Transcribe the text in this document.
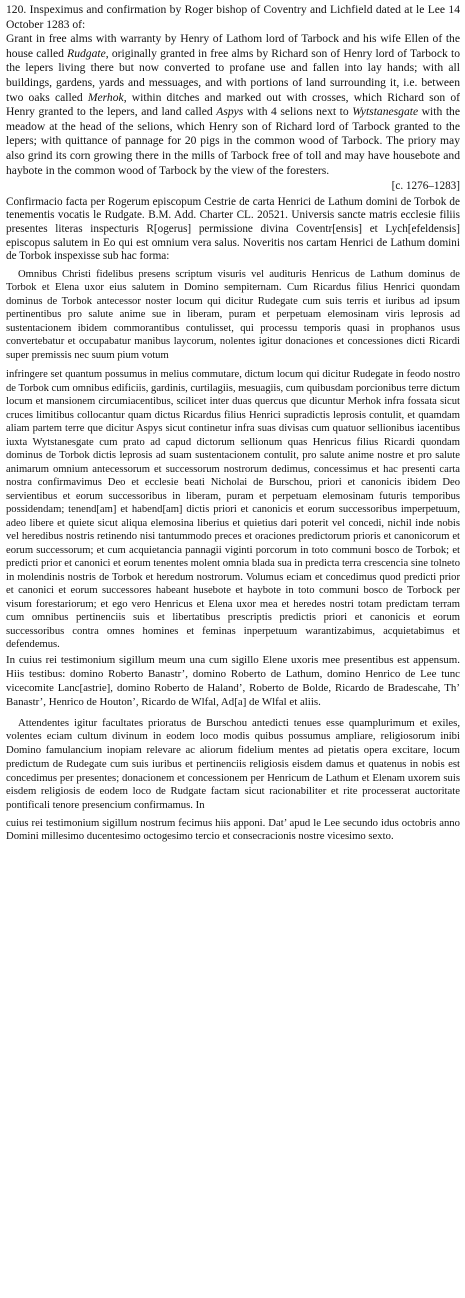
120. Inspeximus and confirmation by Roger bishop of Coventry and Lichfield dated at le Lee 14 October 1283 of:

Grant in free alms with warranty by Henry of Lathom lord of Tarbock and his wife Ellen of the house called Rudgate, originally granted in free alms by Richard son of Henry lord of Tarbock to the lepers living there but now converted to profane use and fallen into lay hands; with all buildings, gardens, yards and messuages, and with portions of land surrounding it, i.e. between two oaks called Merhok, within ditches and marked out with crosses, which Richard son of Henry granted to the lepers, and land called Aspys with 4 selions next to Wytstanesgate with the meadow at the head of the selions, which Henry son of Richard lord of Tarbock granted to the lepers; with quittance of pannage for 20 pigs in the common wood of Tarbock. The priory may also grind its corn growing there in the mills of Tarbock free of toll and may have housebote and haybote in the common wood of Tarbock by the view of the foresters.

[c. 1276–1283]

Confirmacio facta per Rogerum episcopum Cestrie de carta Henrici de Lathum domini de Torbok de tenementis vocatis le Rudgate. B.M. Add. Charter CL. 20521. Universis sancte matris ecclesie filiis presentes literas inspecturis R[ogerus] permissione divina Coventr[ensis] et Lych[efeldensis] episcopus salutem in Eo qui est omnium vera salus. Noveritis nos cartam Henrici de Lathum domini de Torbok inspexisse sub hac forma:

Omnibus Christi fidelibus presens scriptum visuris vel audituris Henricus de Lathum dominus de Torbok et Elena uxor eius salutem in Domino sempiternam. Cum Ricardus filius Henrici quondam dominus de Torbok antecessor noster locum qui dicitur Rudegate cum suis terris et iuribus ad ipsum pertinentibus pro salute anime sue in liberam, puram et perpetuam elemosinam viris leprosis ad sustentacionem ibidem commorantibus contulisset, qui processu temporis quasi in prophanos usus convertebatur et occupabatur manibus laycorum, nolentes igitur donaciones et concessiones dicti Ricardi super premissis nec suum pium votum

infringere set quantum possumus in melius commutare, dictum locum qui dicitur Rudegate in feodo nostro de Torbok cum omnibus edificiis, gardinis, curtilagiis, mesuagiis, cum quibusdam porcionibus terre dictum locum et mansionem circumiacentibus, scilicet inter duas quercus que dicuntur Merhok infra fossata sicut cruces limitibus collocantur quam dictus Ricardus filius Henrici supradictis leprosis contulit, et quamdam aliam partem terre que dicitur Aspys sicut continetur infra suas divisas cum quatuor sellionibus iacentibus iuxta Wytstanesgate cum prato ad capud dictorum sellionum quas Henricus filius Ricardi quondam dominus de Torbok dictis leprosis ad suam sustentacionem contulit, pro salute anime nostre et pro salute animarum omnium antecessorum et successorum nostrorum dedimus, concessimus et hac presenti carta nostra confirmavimus Deo et ecclesie beati Nicholai de Burschou, priori et canonicis ibidem Deo servientibus et eorum successoribus in liberam, puram et perpetuam elemosinam futuris temporibus possidendam; tenend[am] et habend[am] dictis priori et canonicis et eorum successoribus imperpetuum, adeo libere et quiete sicut aliqua elemosina liberius et quietius dari poterit vel concedi, nichil inde nobis vel heredibus nostris retinendo nisi tantummodo preces et oraciones predictorum prioris et canonicorum et eorum successorum; et cum acquietancia pannagii viginti porcorum in toto communi bosco de Torbok; et predicti prior et canonici et eorum tenentes molent omnia blada sua in predicta terra crescencia sine tolneto in molendinis nostris de Torbok et heredum nostrorum. Volumus eciam et concedimus quod predicti prior et canonici et eorum successores habeant husebote et haybote in toto communi bosco de Torbock per visum forestariorum; et ego vero Henricus et Elena uxor mea et heredes nostri totam predictam terram cum omnibus pertinenciis suis et libertatibus prescriptis predictis priori et canonicis et eorum successoribus contra omnes homines et feminas inperpetuum warantizabimus, acquietabimus et defendemus.

In cuius rei testimonium sigillum meum una cum sigillo Elene uxoris mee presentibus est appensum. Hiis testibus: domino Roberto Banastr’, domino Roberto de Lathum, domino Henrico de Lee tunc vicecomite Lanc[astrie], domino Roberto de Haland’, Roberto de Bolde, Ricardo de Bradescahe, Th’ Banastr’, Henrico de Houton’, Ricardo de Wlfal, Ad[a] de Wlfal et aliis.

Attendentes igitur facultates prioratus de Burschou antedicti tenues esse quamplurimum et exiles, volentes eciam cultum divinum in eodem loco modis quibus possumus ampliare, religiosorum inibi Domino famulancium inopiam relevare ac aliorum fidelium mentes ad pietatis opera excitare, locum predictum de Rudegate cum suis iuribus et pertinenciis religiosis eisdem damus et quatenus in nobis est concedimus per presentes; donacionem et concessionem per Henricum de Lathum et Elenam uxorem suis eisdem religiosis de eodem loco de Rudgate factam sicut racionabiliter et rite processerat auctoritate pontificali tenore presencium confirmamus. In

cuius rei testimonium sigillum nostrum fecimus hiis apponi. Dat’ apud le Lee secundo idus octobris anno Domini millesimo ducentesimo octogesimo tercio et consecracionis nostre vicesimo sexto.
